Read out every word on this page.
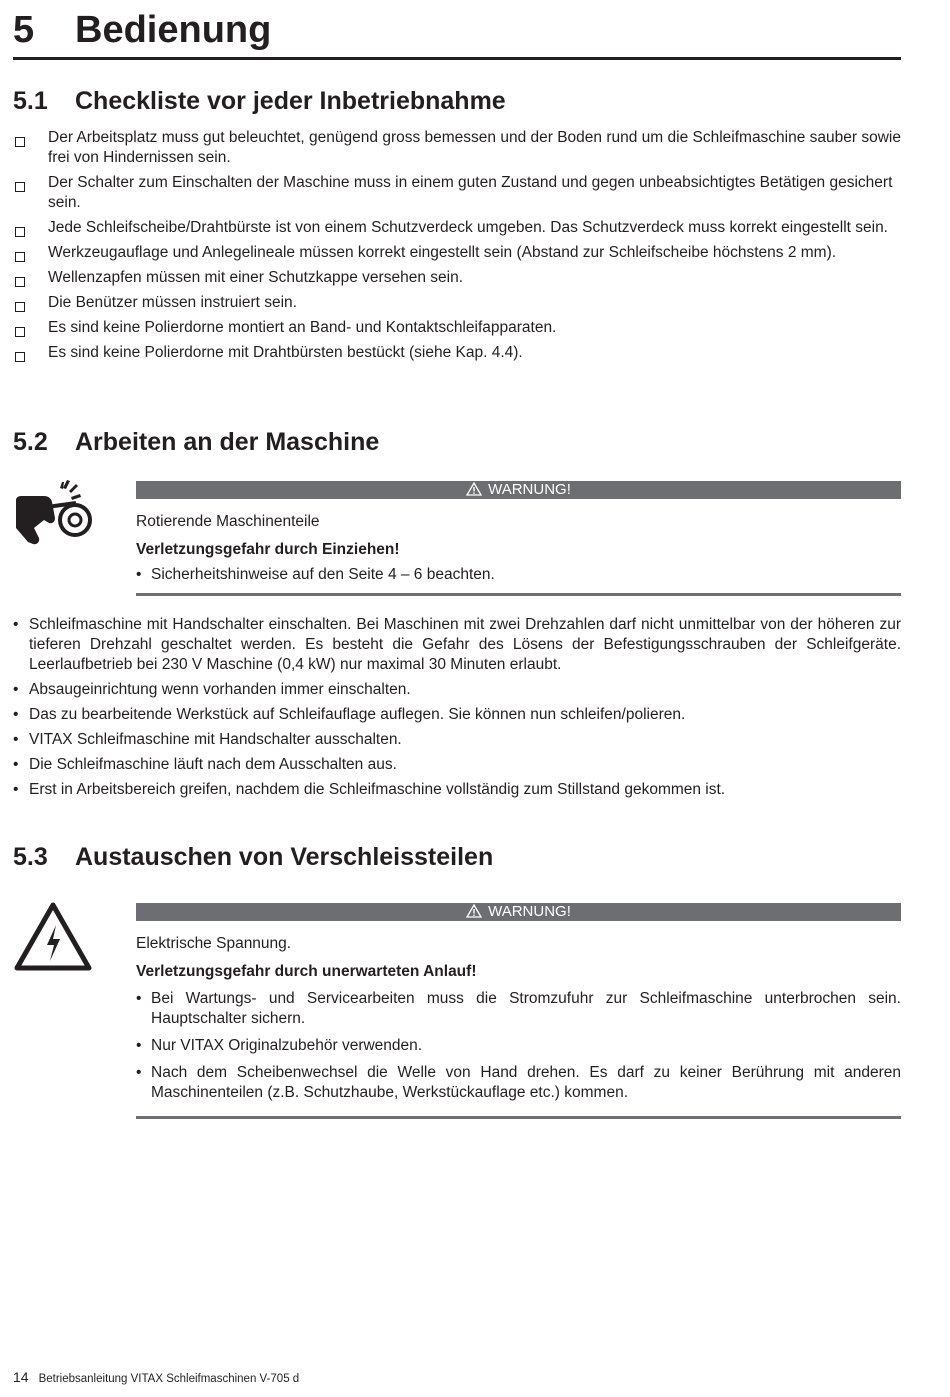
5 Bedienung
5.1 Checkliste vor jeder Inbetriebnahme
Der Arbeitsplatz muss gut beleuchtet, genügend gross bemessen und der Boden rund um die Schleifmaschine sauber sowie frei von Hindernissen sein.
Der Schalter zum Einschalten der Maschine muss in einem guten Zustand und gegen unbeabsichtigtes Betätigen gesichert sein.
Jede Schleifscheibe/Drahtbürste ist von einem Schutzverdeck umgeben. Das Schutzverdeck muss korrekt eingestellt sein.
Werkzeugauflage und Anlegelineale müssen korrekt eingestellt sein (Abstand zur Schleifscheibe höchstens 2 mm).
Wellenzapfen müssen mit einer Schutzkappe versehen sein.
Die Benützer müssen instruiert sein.
Es sind keine Polierdorne montiert an Band- und Kontaktschleifapparaten.
Es sind keine Polierdorne mit Drahtbürsten bestückt (siehe Kap. 4.4).
5.2 Arbeiten an der Maschine
WARNUNG!
Rotierende Maschinenteile
Verletzungsgefahr durch Einziehen!
• Sicherheitshinweise auf den Seite 4 – 6 beachten.
• Schleifmaschine mit Handschalter einschalten. Bei Maschinen mit zwei Drehzahlen darf nicht unmittelbar von der höheren zur tieferen Drehzahl geschaltet werden. Es besteht die Gefahr des Lösens der Befestigungsschrauben der Schleifgeräte. Leerlaufbetrieb bei 230 V Maschine (0,4 kW) nur maximal 30 Minuten erlaubt.
• Absaugeinrichtung wenn vorhanden immer einschalten.
• Das zu bearbeitende Werkstück auf Schleifauflage auflegen. Sie können nun schleifen/polieren.
• VITAX Schleifmaschine mit Handschalter ausschalten.
• Die Schleifmaschine läuft nach dem Ausschalten aus.
• Erst in Arbeitsbereich greifen, nachdem die Schleifmaschine vollständig zum Stillstand gekommen ist.
5.3 Austauschen von Verschleissteilen
WARNUNG!
Elektrische Spannung.
Verletzungsgefahr durch unerwarteten Anlauf!
• Bei Wartungs- und Servicearbeiten muss die Stromzufuhr zur Schleifmaschine unterbrochen sein. Hauptschalter sichern.
• Nur VITAX Originalzubehör verwenden.
• Nach dem Scheibenwechsel die Welle von Hand drehen. Es darf zu keiner Berührung mit anderen Maschinenteilen (z.B. Schutzhaube, Werkstückauflage etc.) kommen.
14 Betriebsanleitung VITAX Schleifmaschinen V-705 d
